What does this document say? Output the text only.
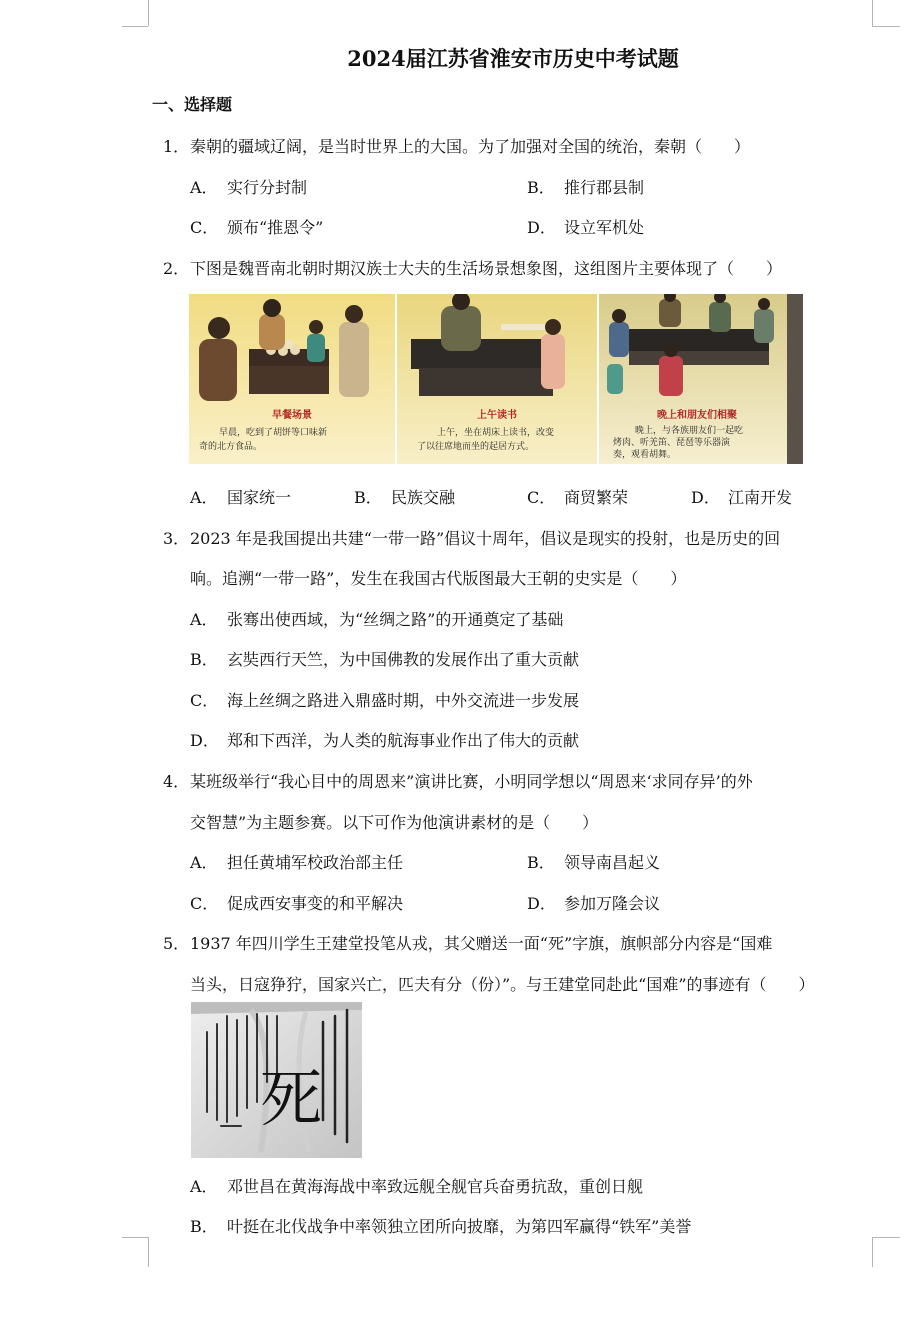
2024届江苏省淮安市历史中考试题
一、选择题
1． 秦朝的疆域辽阔，是当时世界上的大国。为了加强对全国的统治，秦朝（　　）
A． 实行分封制	B． 推行郡县制
C． 颁布“推恩令”	D． 设立军机处
2． 下图是魏晋南北朝时期汉族士大夫的生活场景想象图，这组图片主要体现了（　　）
早餐场景
早晨，吃到了胡饼等口味新
奇的北方食品。
上午读书
上午，坐在胡床上读书，改变
了以往席地而坐的起居方式。
晚上和朋友们相聚
晚上，与各族朋友们一起吃
烤肉、听羌笛、琵琶等乐器演
奏，观看胡舞。
A． 国家统一	B． 民族交融	C． 商贸繁荣	D． 江南开发
3． 2023 年是我国提出共建“一带一路”倡议十周年，倡议是现实的投射，也是历史的回
响。追溯“一带一路”，发生在我国古代版图最大王朝的史实是（　　）
A． 张骞出使西域，为“丝绸之路”的开通奠定了基础
B． 玄奘西行天竺，为中国佛教的发展作出了重大贡献
C． 海上丝绸之路进入鼎盛时期，中外交流进一步发展
D． 郑和下西洋，为人类的航海事业作出了伟大的贡献
4． 某班级举行“我心目中的周恩来”演讲比赛，小明同学想以“周恩来‘求同存异’的外
交智慧”为主题参赛。以下可作为他演讲素材的是（　　）
A． 担任黄埔军校政治部主任	B． 领导南昌起义
C． 促成西安事变的和平解决	D． 参加万隆会议
5． 1937 年四川学生王建堂投笔从戎，其父赠送一面“死”字旗，旗帜部分内容是“国难
当头，日寇狰狞，国家兴亡，匹夫有分（份）”。与王建堂同赴此“国难”的事迹有（　　）
死
A． 邓世昌在黄海海战中率致远舰全舰官兵奋勇抗敌，重创日舰
B． 叶挺在北伐战争中率领独立团所向披靡，为第四军赢得“铁军”美誉
